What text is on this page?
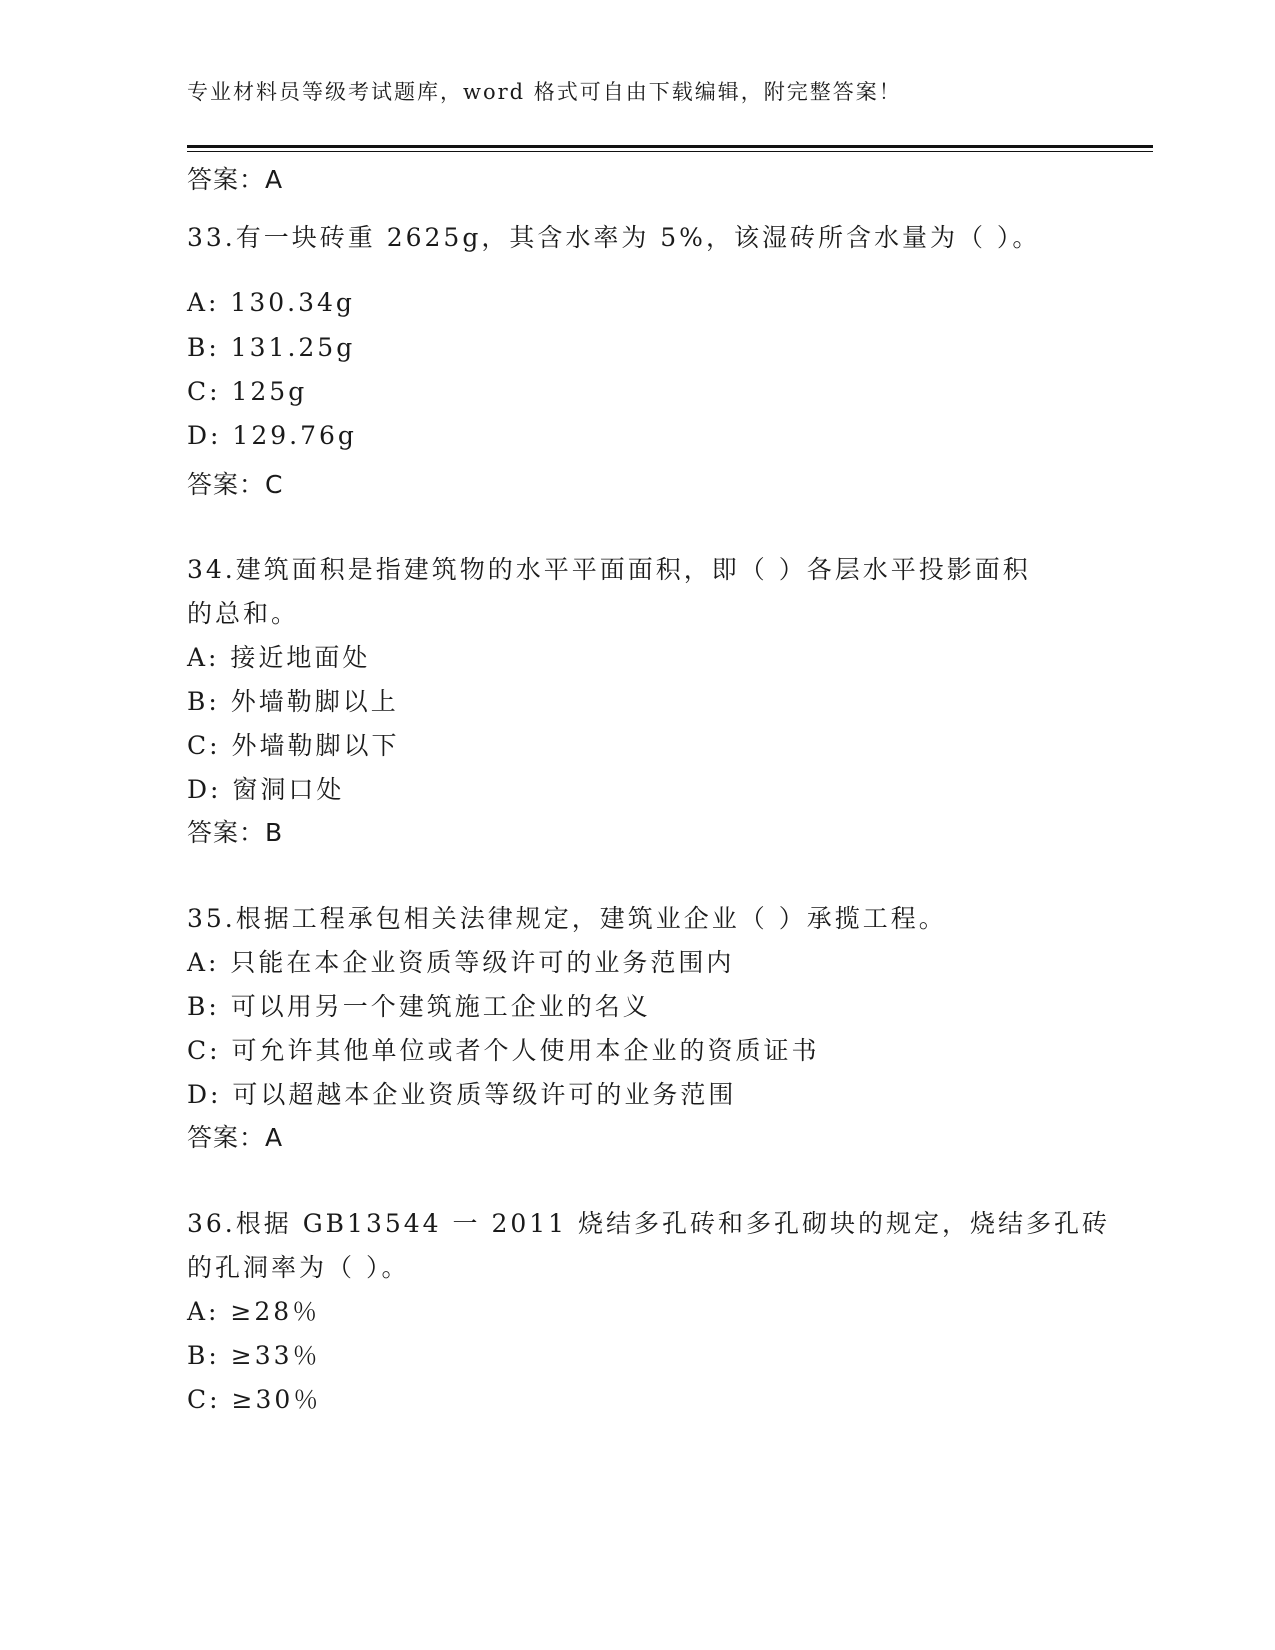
专业材料员等级考试题库，word 格式可自由下载编辑，附完整答案！
答案：A
33.有一块砖重 2625g，其含水率为 5%，该湿砖所含水量为（ ）。
A: 130.34g
B: 131.25g
C: 125g
D: 129.76g
答案：C
34.建筑面积是指建筑物的水平平面面积，即（ ）各层水平投影面积
的总和。
A: 接近地面处
B: 外墙勒脚以上
C: 外墙勒脚以下
D: 窗洞口处
答案：B
35.根据工程承包相关法律规定，建筑业企业（ ）承揽工程。
A: 只能在本企业资质等级许可的业务范围内
B: 可以用另一个建筑施工企业的名义
C: 可允许其他单位或者个人使用本企业的资质证书
D: 可以超越本企业资质等级许可的业务范围
答案：A
36.根据 GB13544 一 2011 烧结多孔砖和多孔砌块的规定，烧结多孔砖
的孔洞率为（ ）。
A: ≥28％
B: ≥33％
C: ≥30％
